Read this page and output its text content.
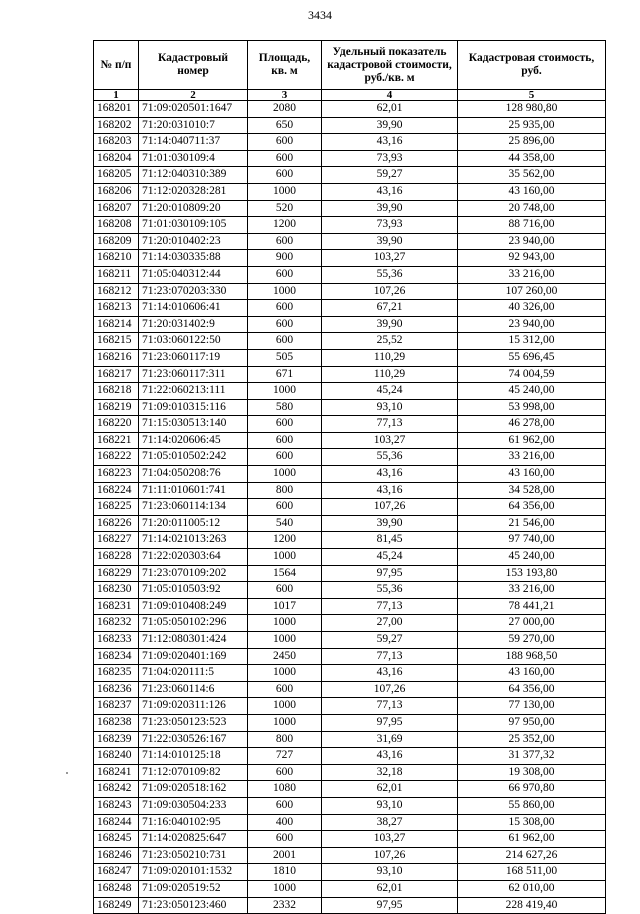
3434
№ п/п	Кадастровый номер	Площадь, кв. м	Удельный показатель кадастровой стоимости, руб./кв. м	Кадастровая стоимость, руб.
1	2	3	4	5
168201	71:09:020501:1647	2080	62,01	128 980,80
168202	71:20:031010:7	650	39,90	25 935,00
168203	71:14:040711:37	600	43,16	25 896,00
168204	71:01:030109:4	600	73,93	44 358,00
168205	71:12:040310:389	600	59,27	35 562,00
168206	71:12:020328:281	1000	43,16	43 160,00
168207	71:20:010809:20	520	39,90	20 748,00
168208	71:01:030109:105	1200	73,93	88 716,00
168209	71:20:010402:23	600	39,90	23 940,00
168210	71:14:030335:88	900	103,27	92 943,00
168211	71:05:040312:44	600	55,36	33 216,00
168212	71:23:070203:330	1000	107,26	107 260,00
168213	71:14:010606:41	600	67,21	40 326,00
168214	71:20:031402:9	600	39,90	23 940,00
168215	71:03:060122:50	600	25,52	15 312,00
168216	71:23:060117:19	505	110,29	55 696,45
168217	71:23:060117:311	671	110,29	74 004,59
168218	71:22:060213:111	1000	45,24	45 240,00
168219	71:09:010315:116	580	93,10	53 998,00
168220	71:15:030513:140	600	77,13	46 278,00
168221	71:14:020606:45	600	103,27	61 962,00
168222	71:05:010502:242	600	55,36	33 216,00
168223	71:04:050208:76	1000	43,16	43 160,00
168224	71:11:010601:741	800	43,16	34 528,00
168225	71:23:060114:134	600	107,26	64 356,00
168226	71:20:011005:12	540	39,90	21 546,00
168227	71:14:021013:263	1200	81,45	97 740,00
168228	71:22:020303:64	1000	45,24	45 240,00
168229	71:23:070109:202	1564	97,95	153 193,80
168230	71:05:010503:92	600	55,36	33 216,00
168231	71:09:010408:249	1017	77,13	78 441,21
168232	71:05:050102:296	1000	27,00	27 000,00
168233	71:12:080301:424	1000	59,27	59 270,00
168234	71:09:020401:169	2450	77,13	188 968,50
168235	71:04:020111:5	1000	43,16	43 160,00
168236	71:23:060114:6	600	107,26	64 356,00
168237	71:09:020311:126	1000	77,13	77 130,00
168238	71:23:050123:523	1000	97,95	97 950,00
168239	71:22:030526:167	800	31,69	25 352,00
168240	71:14:010125:18	727	43,16	31 377,32
168241	71:12:070109:82	600	32,18	19 308,00
168242	71:09:020518:162	1080	62,01	66 970,80
168243	71:09:030504:233	600	93,10	55 860,00
168244	71:16:040102:95	400	38,27	15 308,00
168245	71:14:020825:647	600	103,27	61 962,00
168246	71:23:050210:731	2001	107,26	214 627,26
168247	71:09:020101:1532	1810	93,10	168 511,00
168248	71:09:020519:52	1000	62,01	62 010,00
168249	71:23:050123:460	2332	97,95	228 419,40
